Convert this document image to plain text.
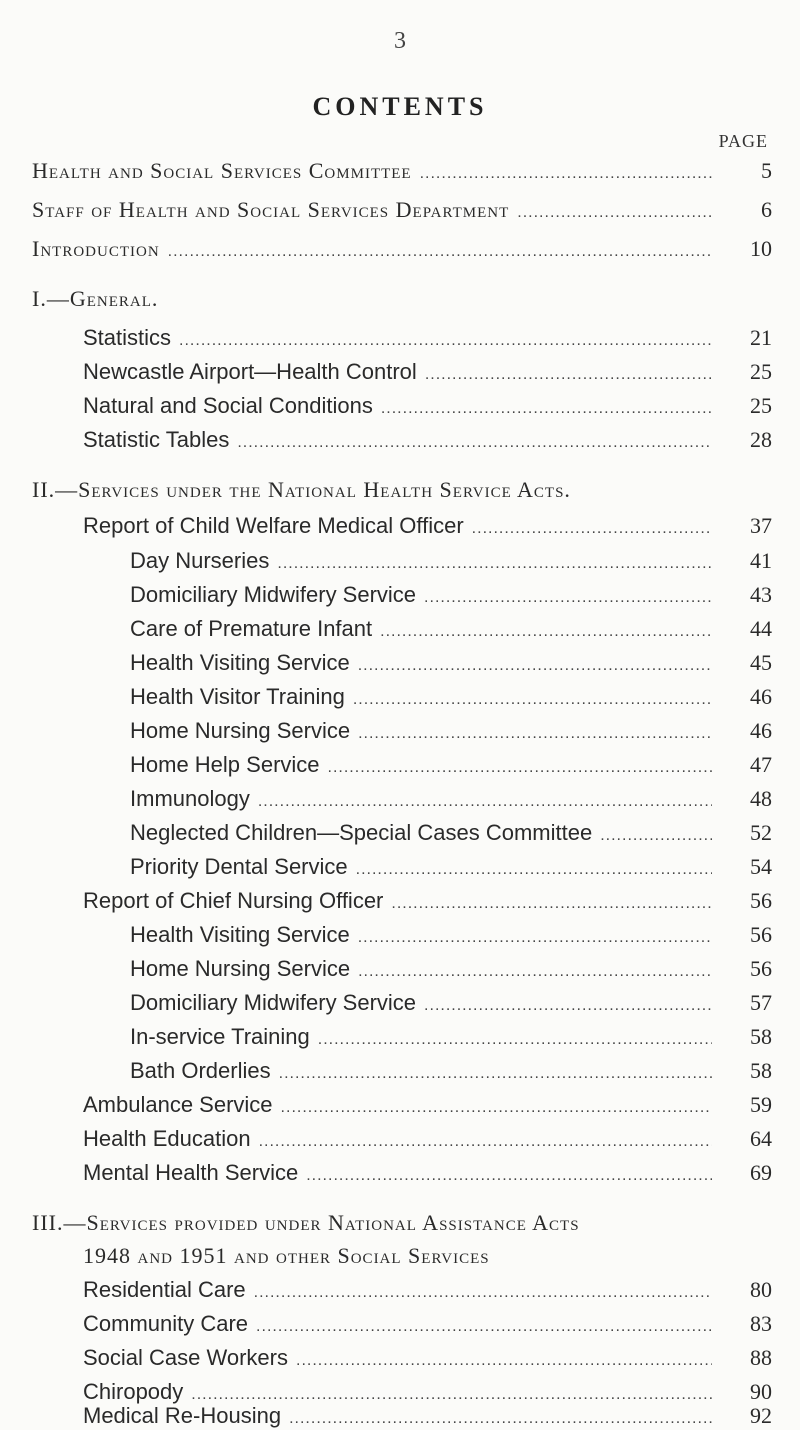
3
CONTENTS
PAGE
Health and Social Services Committee .....	5
Staff of Health and Social Services Department .....	6
Introduction .....	10
I.—General.
Statistics .....	21
Newcastle Airport—Health Control .....	25
Natural and Social Conditions .....	25
Statistic Tables .....	28
II.—Services under the National Health Service Acts.
Report of Child Welfare Medical Officer .....	37
Day Nurseries .....	41
Domiciliary Midwifery Service .....	43
Care of Premature Infant .....	44
Health Visiting Service .....	45
Health Visitor Training .....	46
Home Nursing Service .....	46
Home Help Service .....	47
Immunology .....	48
Neglected Children—Special Cases Committee .....	52
Priority Dental Service .....	54
Report of Chief Nursing Officer .....	56
Health Visiting Service .....	56
Home Nursing Service .....	56
Domiciliary Midwifery Service .....	57
In-service Training .....	58
Bath Orderlies .....	58
Ambulance Service .....	59
Health Education .....	64
Mental Health Service .....	69
III.—Services provided under National Assistance Acts
1948 and 1951 and other Social Services
Residential Care .....	80
Community Care .....	83
Social Case Workers .....	88
Chiropody .....	90
Medical Re-Housing .....	92
